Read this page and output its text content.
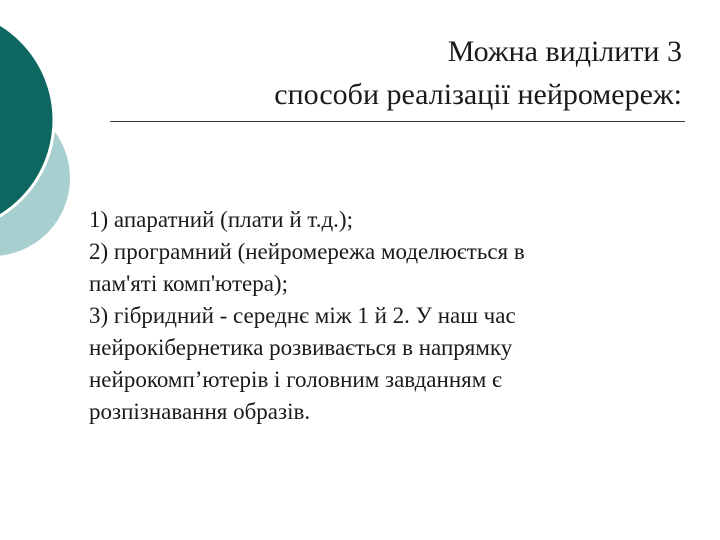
Можна виділити 3
способи реалізації нейромереж:
1) апаратний (плати й т.д.);
2) програмний (нейромережа моделюється в
пам'яті комп'ютера);
3) гібридний - середнє між 1 й 2. У наш час
нейрокібернетика розвивається в напрямку
нейрокомп’ютерів і головним завданням є
розпізнавання образів.
